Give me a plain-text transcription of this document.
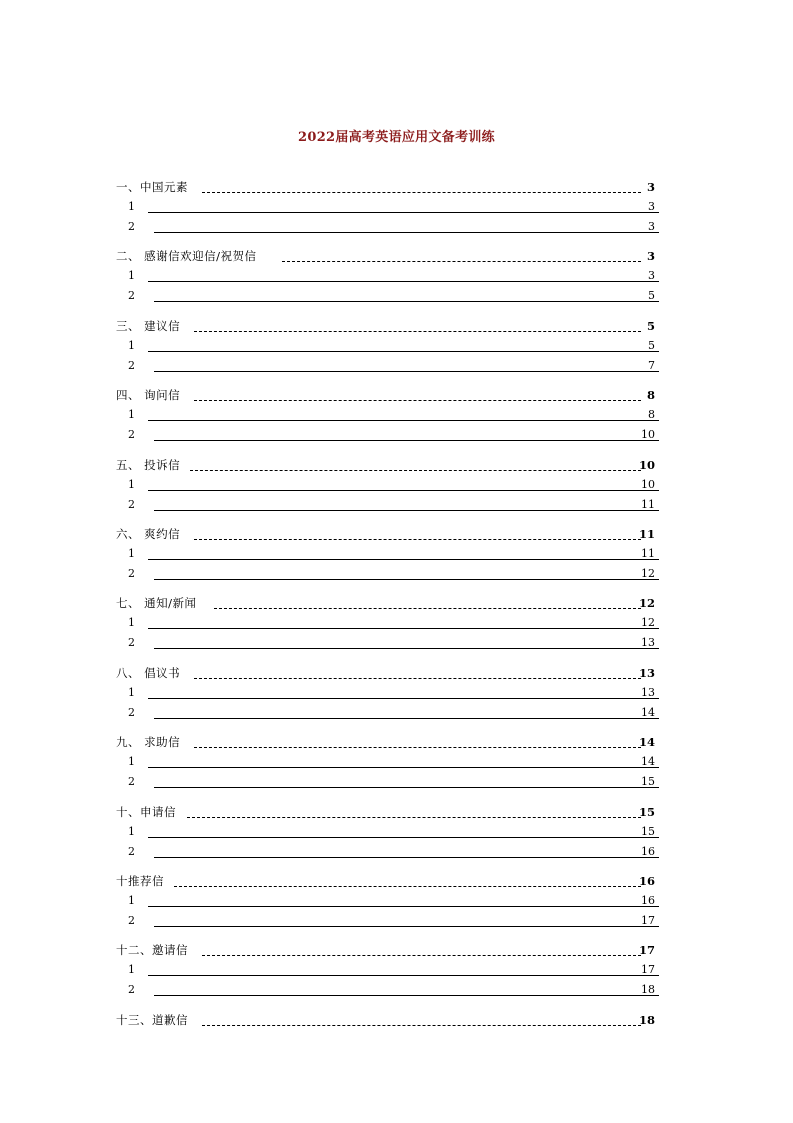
2022届高考英语应用文备考训练
一、中国元素	3
1	3
2	3
二、 感谢信欢迎信/祝贺信	3
1	3
2	5
三、 建议信	5
1	5
2	7
四、 询问信	8
1	8
2	10
五、 投诉信	10
1	10
2	11
六、 爽约信	11
1	11
2	12
七、 通知/新闻	12
1	12
2	13
八、 倡议书	13
1	13
2	14
九、 求助信	14
1	14
2	15
十、申请信	15
1	15
2	16
十推荐信	16
1	16
2	17
十二、邀请信	17
1	17
2	18
十三、道歉信	18
